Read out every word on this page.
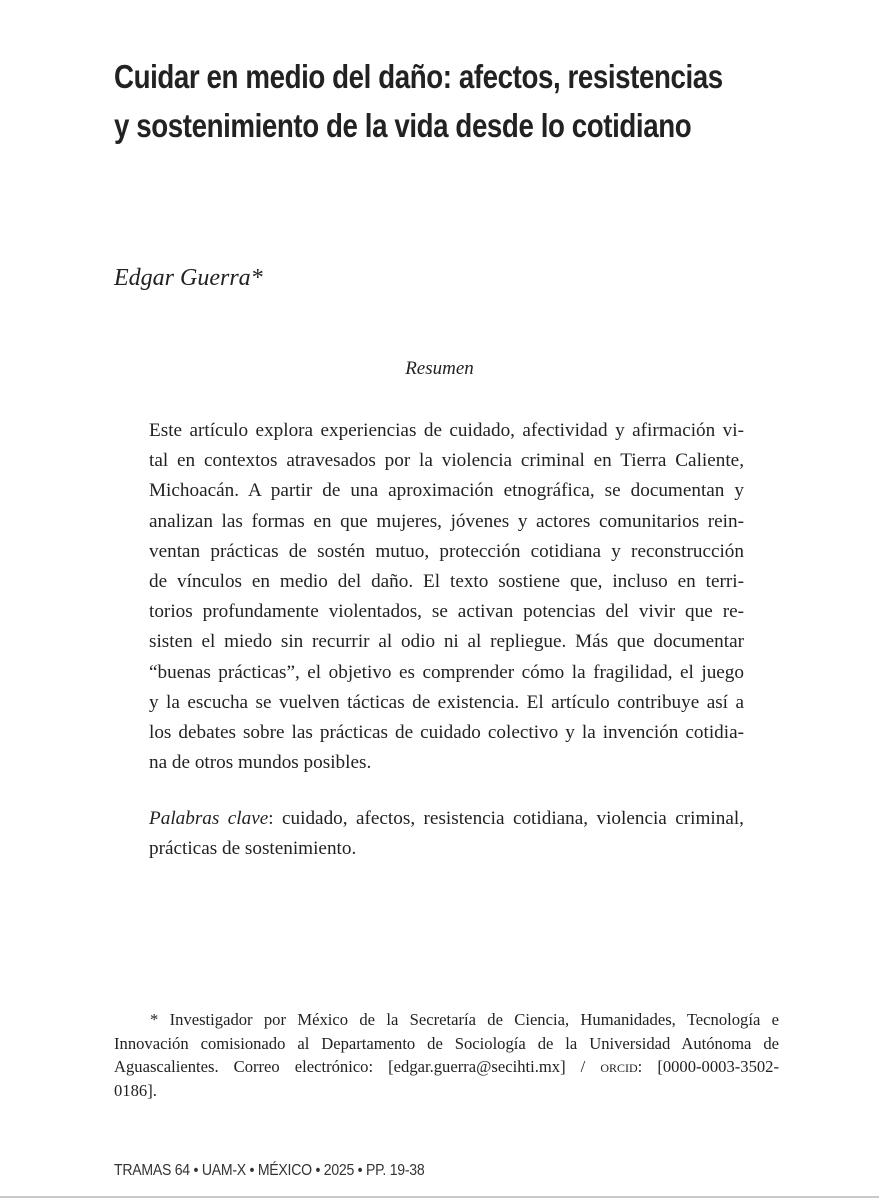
Cuidar en medio del daño: afectos, resistencias
y sostenimiento de la vida desde lo cotidiano
Edgar Guerra*
Resumen

Este artículo explora experiencias de cuidado, afectividad y afirmación vi-
tal en contextos atravesados por la violencia criminal en Tierra Caliente,
Michoacán. A partir de una aproximación etnográfica, se documentan y
analizan las formas en que mujeres, jóvenes y actores comunitarios rein-
ventan prácticas de sostén mutuo, protección cotidiana y reconstrucción
de vínculos en medio del daño. El texto sostiene que, incluso en terri-
torios profundamente violentados, se activan potencias del vivir que re-
sisten el miedo sin recurrir al odio ni al repliegue. Más que documentar
“buenas prácticas”, el objetivo es comprender cómo la fragilidad, el juego
y la escucha se vuelven tácticas de existencia. El artículo contribuye así a
los debates sobre las prácticas de cuidado colectivo y la invención cotidia-
na de otros mundos posibles.

Palabras clave: cuidado, afectos, resistencia cotidiana, violencia criminal,
prácticas de sostenimiento.
* Investigador por México de la Secretaría de Ciencia, Humanidades, Tecnología e
Innovación comisionado al Departamento de Sociología de la Universidad Autónoma de
Aguascalientes. Correo electrónico: [edgar.guerra@secihti.mx] / orcid: [0000-0003-3502-
0186].
TRAMAS 64 • UAM-X • MÉXICO • 2025 • PP. 19-38
